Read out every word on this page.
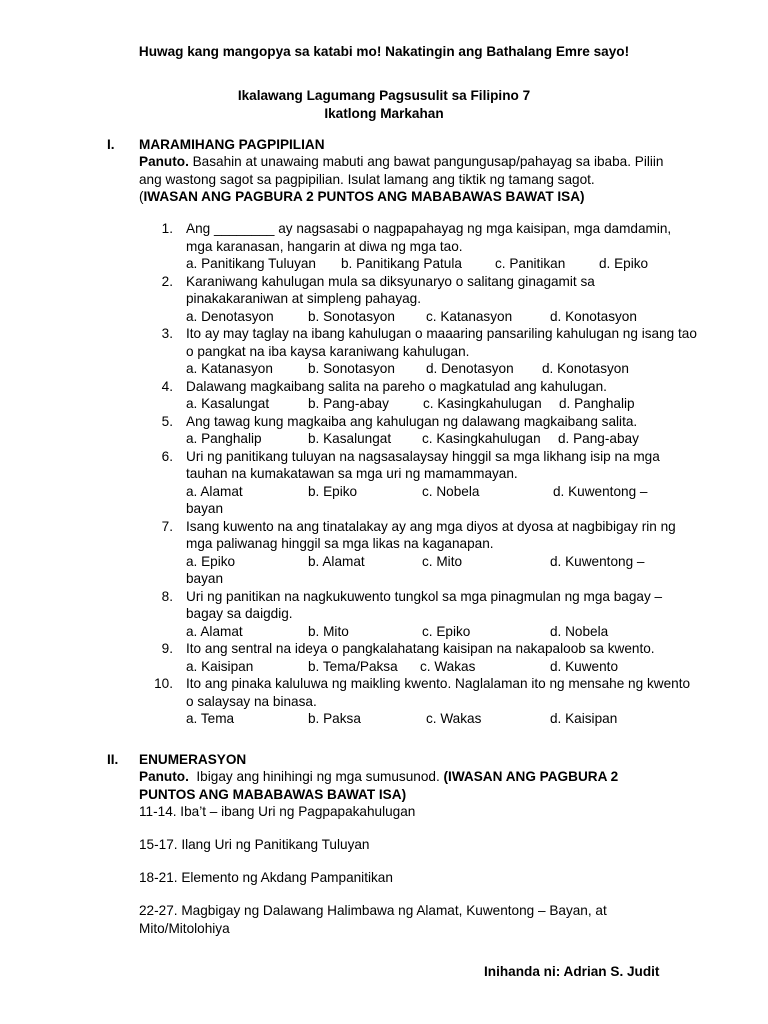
Huwag kang mangopya sa katabi mo! Nakatingin ang Bathalang Emre sayo!
Ikalawang Lagumang Pagsusulit sa Filipino 7
Ikatlong Markahan
I. MARAMIHANG PAGPIPILIAN
Panuto. Basahin at unawaing mabuti ang bawat pangungusap/pahayag sa ibaba. Piliin ang wastong sagot sa pagpipilian. Isulat lamang ang tiktik ng tamang sagot.
(IWASAN ANG PAGBURA 2 PUNTOS ANG MABABAWAS BAWAT ISA)
1. Ang ________ ay nagsasabi o nagpapahayag ng mga kaisipan, mga damdamin, mga karanasan, hangarin at diwa ng mga tao.
a. Panitikang Tuluyan	b. Panitikang Patula	c. Panitikan	d. Epiko
2. Karaniwang kahulugan mula sa diksyunaryo o salitang ginagamit sa pinakakaraniwan at simpleng pahayag.
a. Denotasyon	b. Sonotasyon	c. Katanasyon	d. Konotasyon
3. Ito ay may taglay na ibang kahulugan o maaaring pansariling kahulugan ng isang tao o pangkat na iba kaysa karaniwang kahulugan.
a. Katanasyon	b. Sonotasyon	d. Denotasyon	d. Konotasyon
4. Dalawang magkaibang salita na pareho o magkatulad ang kahulugan.
a. Kasalungat	b. Pang-abay	c. Kasingkahulugan	d. Panghalip
5. Ang tawag kung magkaiba ang kahulugan ng dalawang magkaibang salita.
a. Panghalip	b. Kasalungat	c. Kasingkahulugan	d. Pang-abay
6. Uri ng panitikang tuluyan na nagsasalaysay hinggil sa mga likhang isip na mga tauhan na kumakatawan sa mga uri ng mamammayan.
a. Alamat	b. Epiko	c. Nobela	d. Kuwentong –
bayan
7. Isang kuwento na ang tinatalakay ay ang mga diyos at dyosa at nagbibigay rin ng mga paliwanag hinggil sa mga likas na kaganapan.
a. Epiko	b. Alamat	c. Mito	d. Kuwentong –
bayan
8. Uri ng panitikan na nagkukuwento tungkol sa mga pinagmulan ng mga bagay – bagay sa daigdig.
a. Alamat	b. Mito	c. Epiko	d. Nobela
9. Ito ang sentral na ideya o pangkalahatang kaisipan na nakapaloob sa kwento.
a. Kaisipan	b. Tema/Paksa	c. Wakas	d. Kuwento
10. Ito ang pinaka kaluluwa ng maikling kwento. Naglalaman ito ng mensahe ng kwento o salaysay na binasa.
a. Tema	b. Paksa	c. Wakas	d. Kaisipan
II. ENUMERASYON
Panuto.  Ibigay ang hinihingi ng mga sumusunod. (IWASAN ANG PAGBURA 2 PUNTOS ANG MABABAWAS BAWAT ISA)
11-14. Iba’t – ibang Uri ng Pagpapakahulugan
15-17. Ilang Uri ng Panitikang Tuluyan
18-21. Elemento ng Akdang Pampanitikan
22-27. Magbigay ng Dalawang Halimbawa ng Alamat, Kuwentong – Bayan, at Mito/Mitolohiya
Inihanda ni: Adrian S. Judit
